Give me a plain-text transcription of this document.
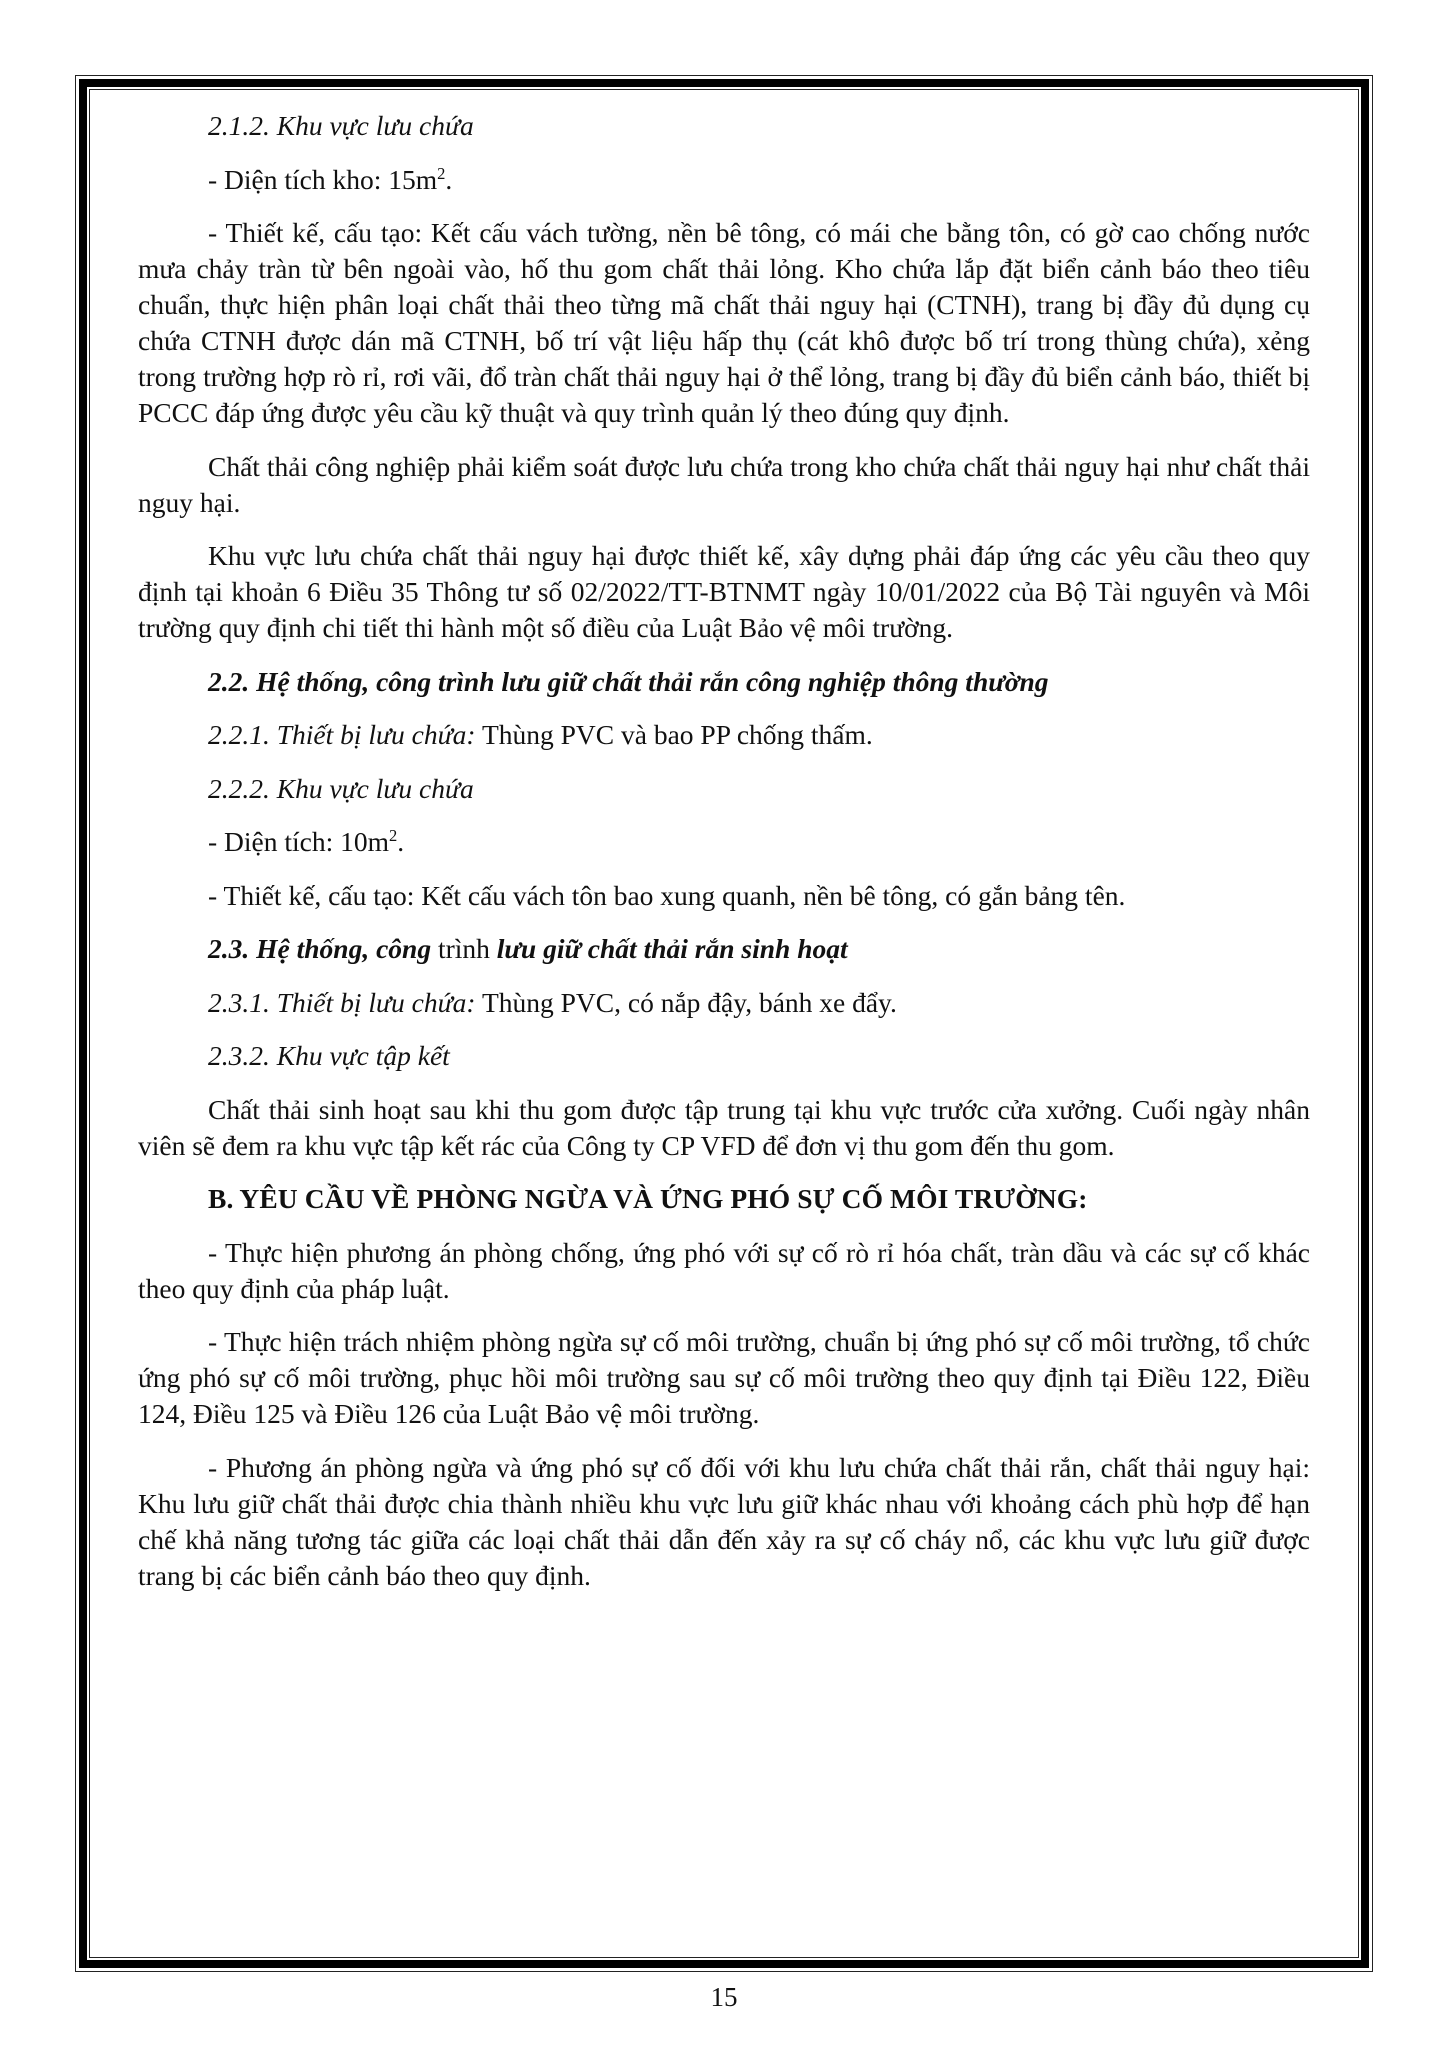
2.1.2. Khu vực lưu chứa

- Diện tích kho: $15m^2$.

- Thiết kế, cấu tạo: Kết cấu vách tường, nền bê tông, có mái che bằng tôn, có gờ cao chống nước mưa chảy tràn từ bên ngoài vào, hố thu gom chất thải lỏng. Kho chứa lắp đặt biển cảnh báo theo tiêu chuẩn, thực hiện phân loại chất thải theo từng mã chất thải nguy hại (CTNH), trang bị đầy đủ dụng cụ chứa CTNH được dán mã CTNH, bố trí vật liệu hấp thụ (cát khô được bố trí trong thùng chứa), xẻng trong trường hợp rò rỉ, rơi vãi, đổ tràn chất thải nguy hại ở thể lỏng, trang bị đầy đủ biển cảnh báo, thiết bị PCCC đáp ứng được yêu cầu kỹ thuật và quy trình quản lý theo đúng quy định.

Chất thải công nghiệp phải kiểm soát được lưu chứa trong kho chứa chất thải nguy hại như chất thải nguy hại.

Khu vực lưu chứa chất thải nguy hại được thiết kế, xây dựng phải đáp ứng các yêu cầu theo quy định tại khoản 6 Điều 35 Thông tư số 02/2022/TT-BTNMT ngày 10/01/2022 của Bộ Tài nguyên và Môi trường quy định chi tiết thi hành một số điều của Luật Bảo vệ môi trường.

2.2. Hệ thống, công trình lưu giữ chất thải rắn công nghiệp thông thường

2.2.1. Thiết bị lưu chứa: Thùng PVC và bao PP chống thấm.

2.2.2. Khu vực lưu chứa

- Diện tích: $10m^2$.

- Thiết kế, cấu tạo: Kết cấu vách tôn bao xung quanh, nền bê tông, có gắn bảng tên.

2.3. Hệ thống, công trình lưu giữ chất thải rắn sinh hoạt

2.3.1. Thiết bị lưu chứa: Thùng PVC, có nắp đậy, bánh xe đẩy.

2.3.2. Khu vực tập kết

Chất thải sinh hoạt sau khi thu gom được tập trung tại khu vực trước cửa xưởng. Cuối ngày nhân viên sẽ đem ra khu vực tập kết rác của Công ty CP VFD để đơn vị thu gom đến thu gom.

B. YÊU CẦU VỀ PHÒNG NGỪA VÀ ỨNG PHÓ SỰ CỐ MÔI TRƯỜNG:

- Thực hiện phương án phòng chống, ứng phó với sự cố rò rỉ hóa chất, tràn dầu và các sự cố khác theo quy định của pháp luật.

- Thực hiện trách nhiệm phòng ngừa sự cố môi trường, chuẩn bị ứng phó sự cố môi trường, tổ chức ứng phó sự cố môi trường, phục hồi môi trường sau sự cố môi trường theo quy định tại Điều 122, Điều 124, Điều 125 và Điều 126 của Luật Bảo vệ môi trường.

- Phương án phòng ngừa và ứng phó sự cố đối với khu lưu chứa chất thải rắn, chất thải nguy hại: Khu lưu giữ chất thải được chia thành nhiều khu vực lưu giữ khác nhau với khoảng cách phù hợp để hạn chế khả năng tương tác giữa các loại chất thải dẫn đến xảy ra sự cố cháy nổ, các khu vực lưu giữ được trang bị các biển cảnh báo theo quy định.

15
